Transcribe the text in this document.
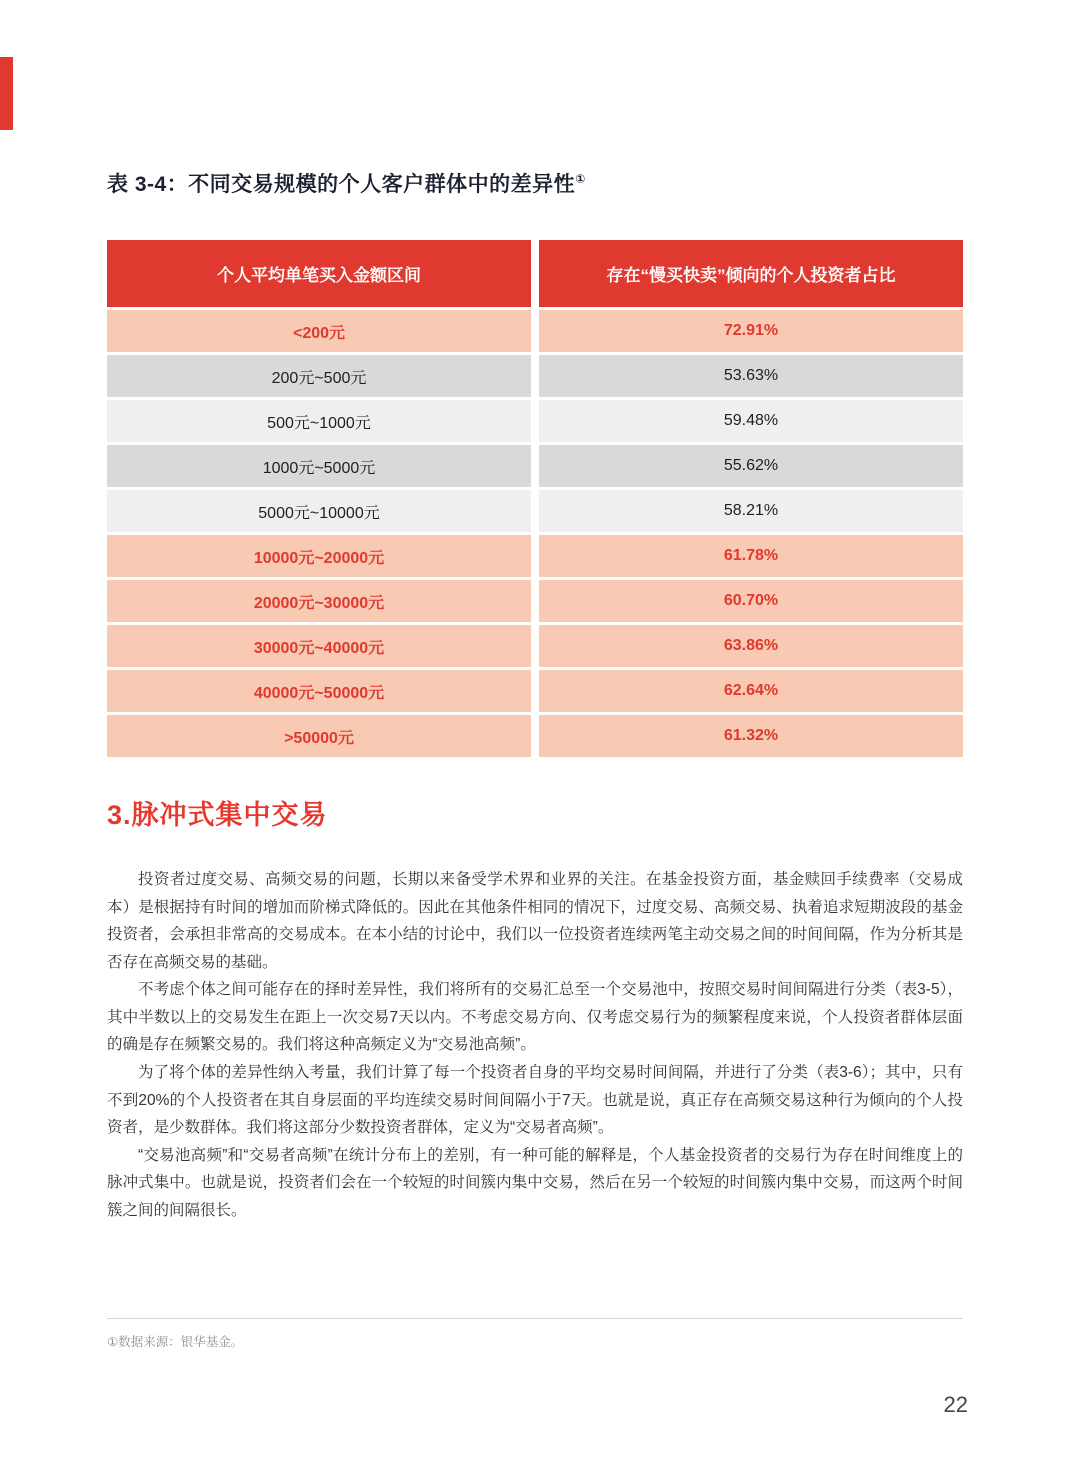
表 3-4：不同交易规模的个人客户群体中的差异性①
个人平均单笔买入金额区间	存在“慢买快卖”倾向的个人投资者占比
<200元	72.91%
200元~500元	53.63%
500元~1000元	59.48%
1000元~5000元	55.62%
5000元~10000元	58.21%
10000元~20000元	61.78%
20000元~30000元	60.70%
30000元~40000元	63.86%
40000元~50000元	62.64%
>50000元	61.32%
3.脉冲式集中交易

投资者过度交易、高频交易的问题，长期以来备受学术界和业界的关注。在基金投资方面，基金赎回手续费率（交易成本）是根据持有时间的增加而阶梯式降低的。因此在其他条件相同的情况下，过度交易、高频交易、执着追求短期波段的基金投资者，会承担非常高的交易成本。在本小结的讨论中，我们以一位投资者连续两笔主动交易之间的时间间隔，作为分析其是否存在高频交易的基础。

不考虑个体之间可能存在的择时差异性，我们将所有的交易汇总至一个交易池中，按照交易时间间隔进行分类（表3-5），其中半数以上的交易发生在距上一次交易7天以内。不考虑交易方向、仅考虑交易行为的频繁程度来说，个人投资者群体层面的确是存在频繁交易的。我们将这种高频定义为“交易池高频”。

为了将个体的差异性纳入考量，我们计算了每一个投资者自身的平均交易时间间隔，并进行了分类（表3-6）；其中，只有不到20%的个人投资者在其自身层面的平均连续交易时间间隔小于7天。也就是说，真正存在高频交易这种行为倾向的个人投资者，是少数群体。我们将这部分少数投资者群体，定义为“交易者高频”。

“交易池高频”和“交易者高频”在统计分布上的差别，有一种可能的解释是，个人基金投资者的交易行为存在时间维度上的脉冲式集中。也就是说，投资者们会在一个较短的时间簇内集中交易，然后在另一个较短的时间簇内集中交易，而这两个时间簇之间的间隔很长。

①数据来源：银华基金。
22
